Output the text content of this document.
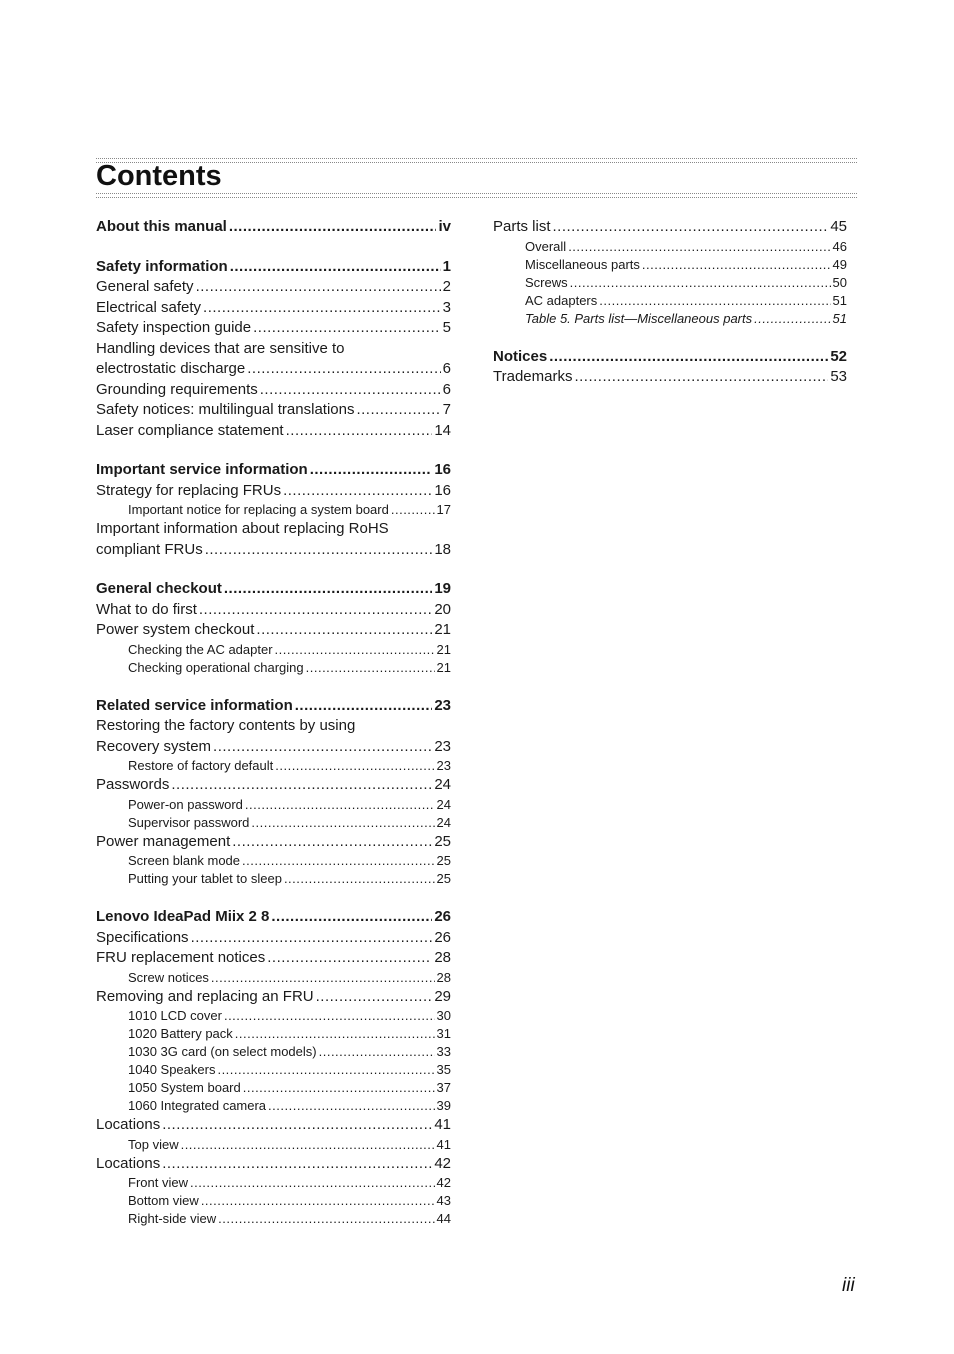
Contents
About this manual .....	iv
Safety information .....	1
General safety .....	2
Electrical safety .....	3
Safety inspection guide .....	5
Handling devices that are sensitive to
electrostatic discharge .....	6
Grounding requirements .....	6
Safety notices: multilingual translations .....	7
Laser compliance statement .....	14
Important service information .....	16
Strategy for replacing FRUs .....	16
Important notice for replacing a system board .....	17
Important information about replacing RoHS
compliant FRUs .....	18
General checkout .....	19
What to do first .....	20
Power system checkout .....	21
Checking the AC adapter .....	21
Checking operational charging .....	21
Related service information .....	23
Restoring the factory contents by using
Recovery system .....	23
Restore of factory default .....	23
Passwords .....	24
Power-on password .....	24
Supervisor password .....	24
Power management .....	25
Screen blank mode .....	25
Putting your tablet to sleep .....	25
Lenovo IdeaPad Miix 2 8 .....	26
Specifications .....	26
FRU replacement notices .....	28
Screw notices .....	28
Removing and replacing an FRU .....	29
1010 LCD cover .....	30
1020 Battery pack .....	31
1030 3G card (on select models) .....	33
1040 Speakers .....	35
1050 System board .....	37
1060 Integrated camera .....	39
Locations .....	41
Top view .....	41
Locations .....	42
Front view .....	42
Bottom view .....	43
Right-side view .....	44
Parts list .....	45
Overall .....	46
Miscellaneous parts .....	49
Screws .....	50
AC adapters .....	51
Table 5. Parts list—Miscellaneous parts .....	51
Notices .....	52
Trademarks .....	53
iii
